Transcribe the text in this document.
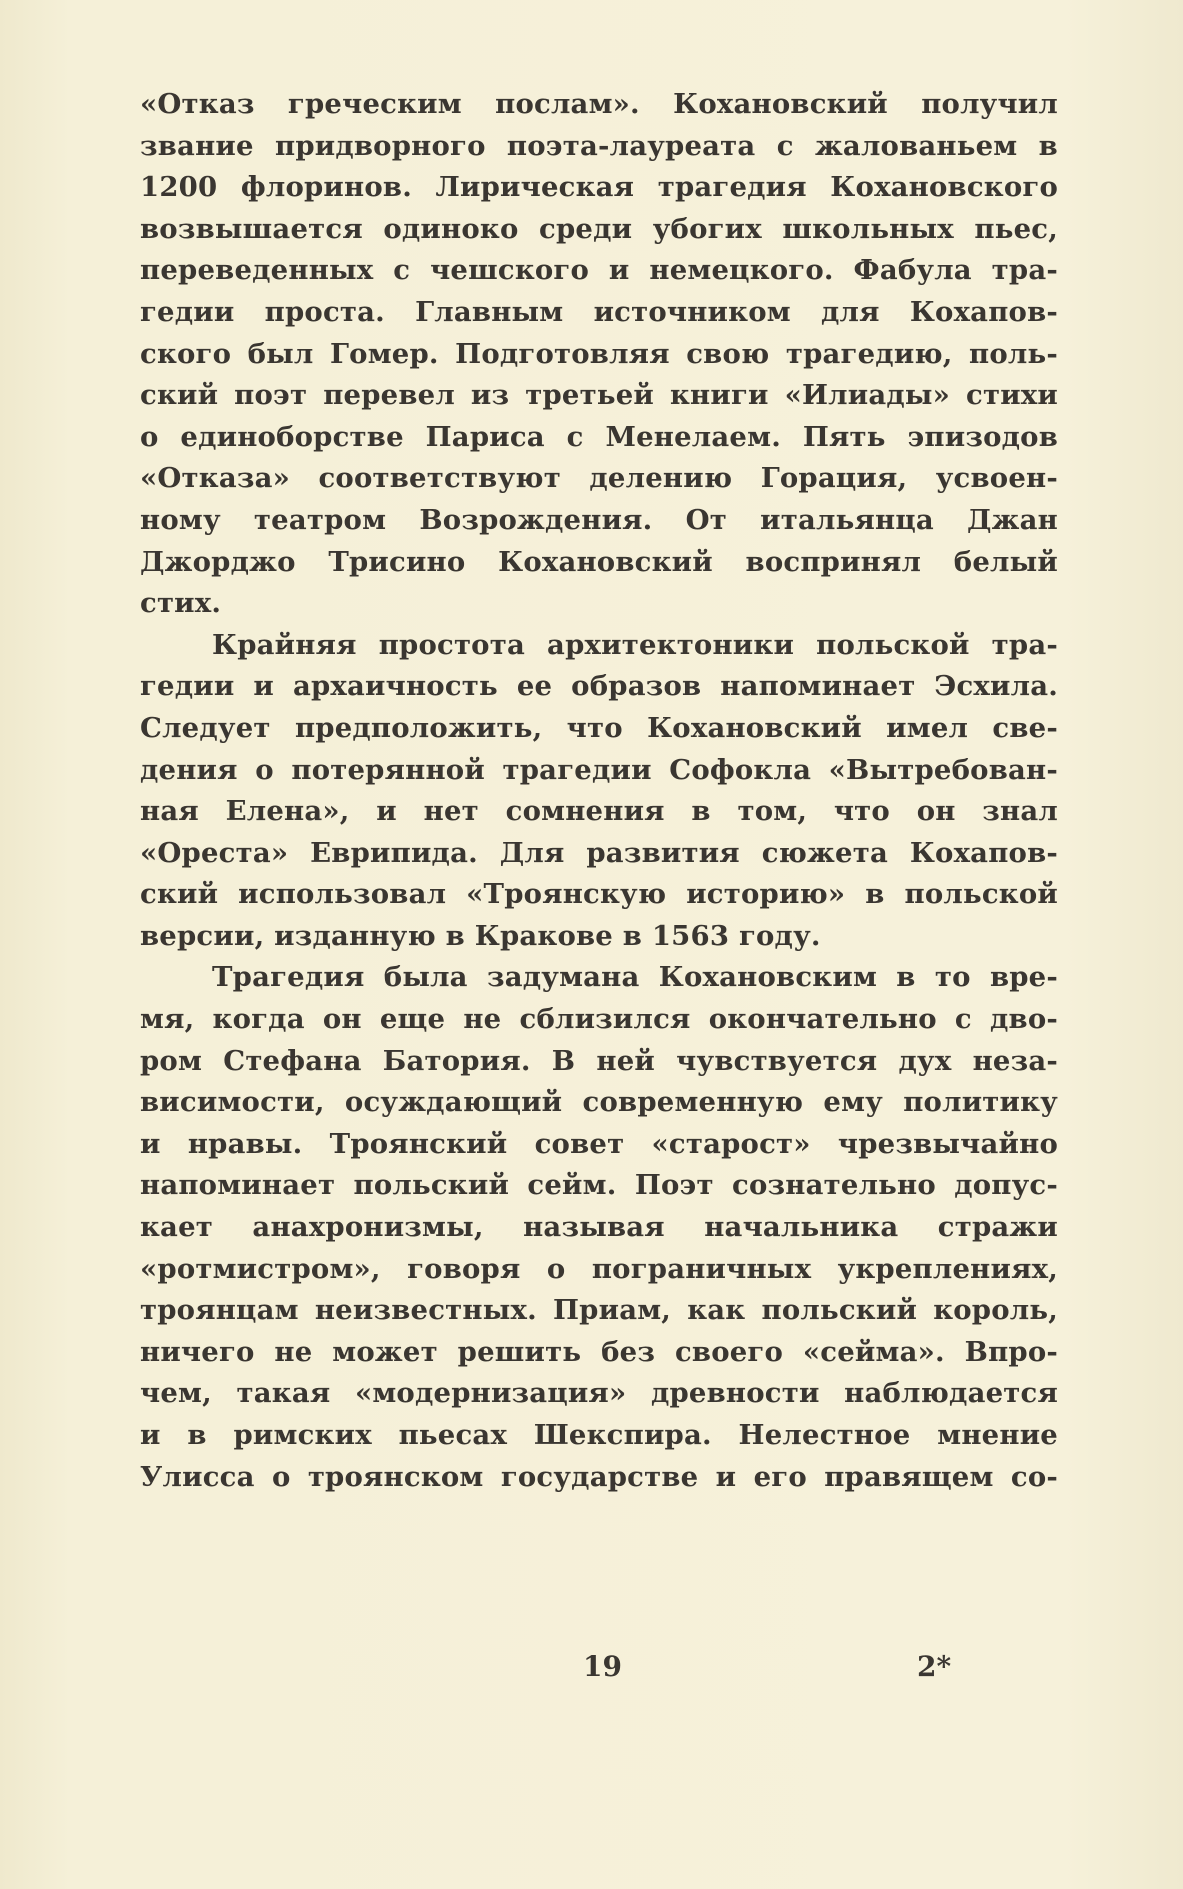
«Отказ греческим послам». Кохановский получил
звание придворного поэта-лауреата с жалованьем в
1200 флоринов. Лирическая трагедия Кохановского
возвышается одиноко среди убогих школьных пьес,
переведенных с чешского и немецкого. Фабула тра-
гедии проста. Главным источником для Кохапов-
ского был Гомер. Подготовляя свою трагедию, поль-
ский поэт перевел из третьей книги «Илиады» стихи
о единоборстве Париса с Менелаем. Пять эпизодов
«Отказа» соответствуют делению Горация, усвоен-
ному театром Возрождения. От итальянца Джан
Джорджо Трисино Кохановский воспринял белый
стих.
Крайняя простота архитектоники польской тра-
гедии и архаичность ее образов напоминает Эсхила.
Следует предположить, что Кохановский имел све-
дения о потерянной трагедии Софокла «Вытребован-
ная Елена», и нет сомнения в том, что он знал
«Ореста» Еврипида. Для развития сюжета Кохапов-
ский использовал «Троянскую историю» в польской
версии, изданную в Кракове в 1563 году.
Трагедия была задумана Кохановским в то вре-
мя, когда он еще не сблизился окончательно с дво-
ром Стефана Батория. В ней чувствуется дух неза-
висимости, осуждающий современную ему политику
и нравы. Троянский совет «старост» чрезвычайно
напоминает польский сейм. Поэт сознательно допус-
кает анахронизмы, называя начальника стражи
«ротмистром», говоря о пограничных укреплениях,
троянцам неизвестных. Приам, как польский король,
ничего не может решить без своего «сейма». Впро-
чем, такая «модернизация» древности наблюдается
и в римских пьесах Шекспира. Нелестное мнение
Улисса о троянском государстве и его правящем со-
19	2*
